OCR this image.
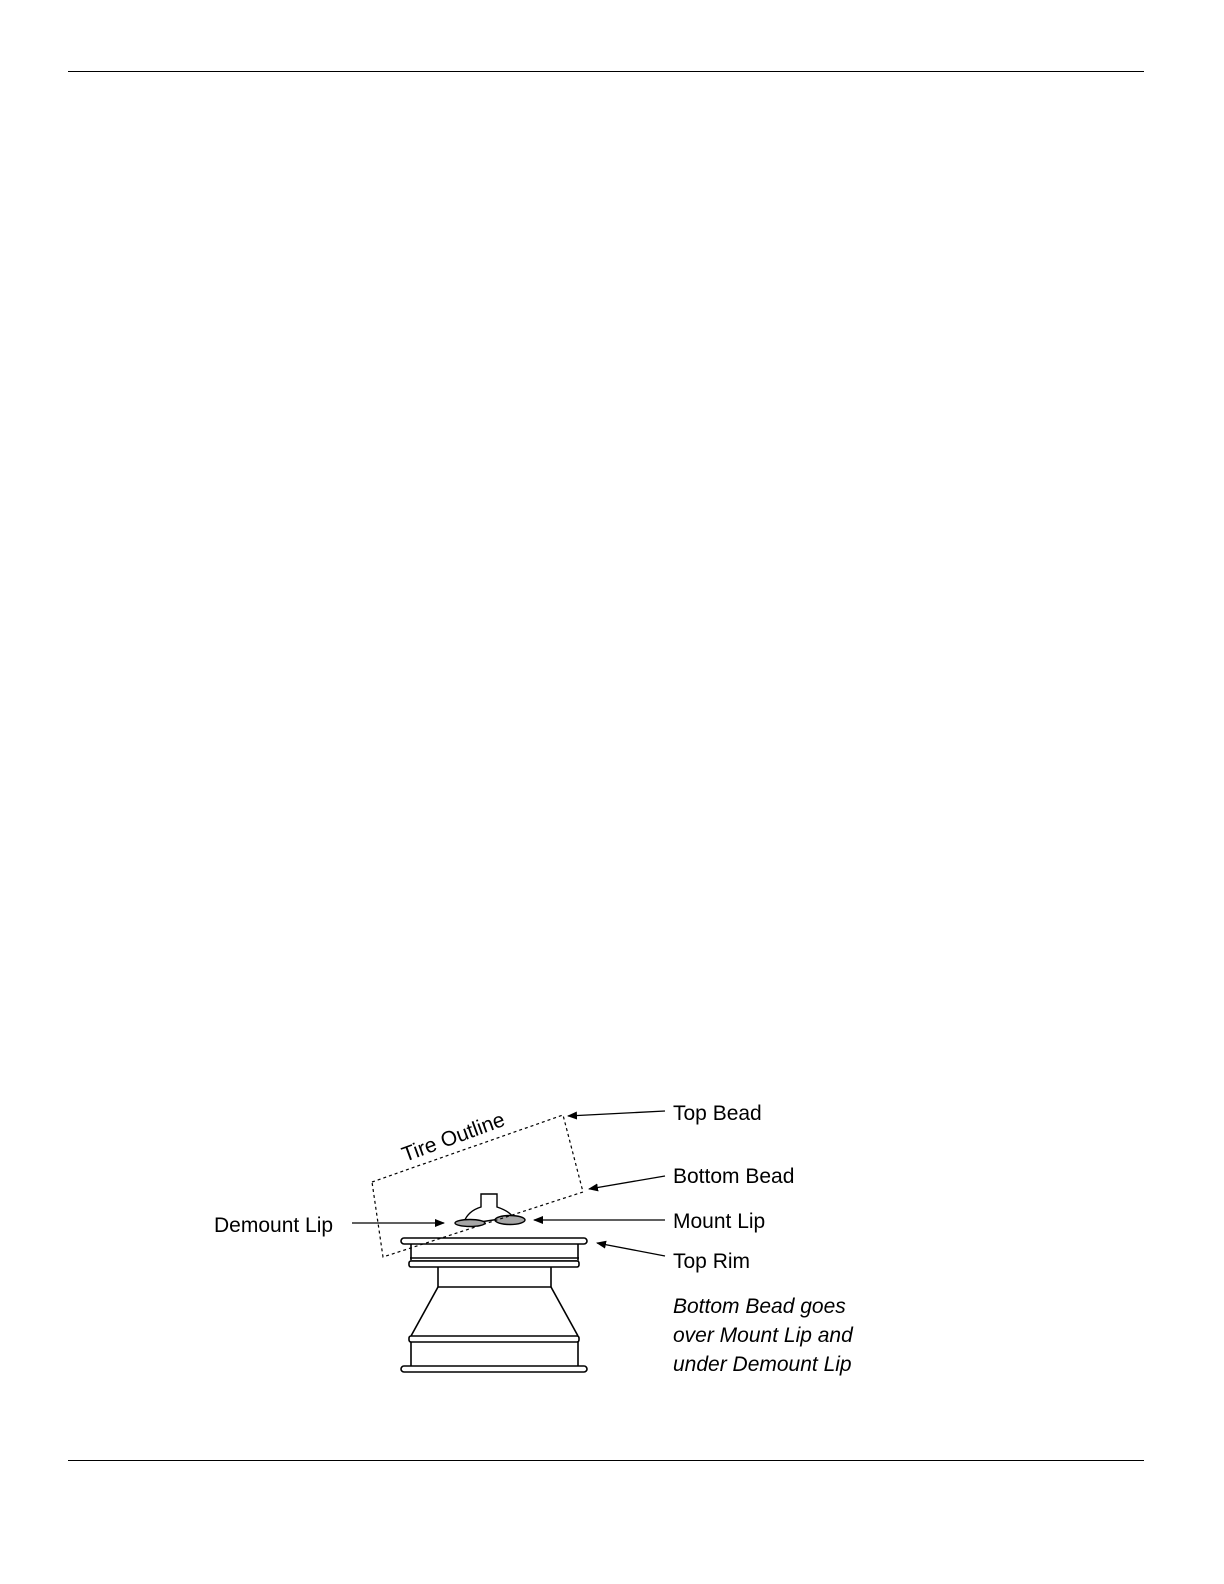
Tire Outline	Top Bead
Bottom Bead
Demount Lip	Mount Lip
Top Rim
Bottom Bead goes
over Mount Lip and
under Demount Lip
